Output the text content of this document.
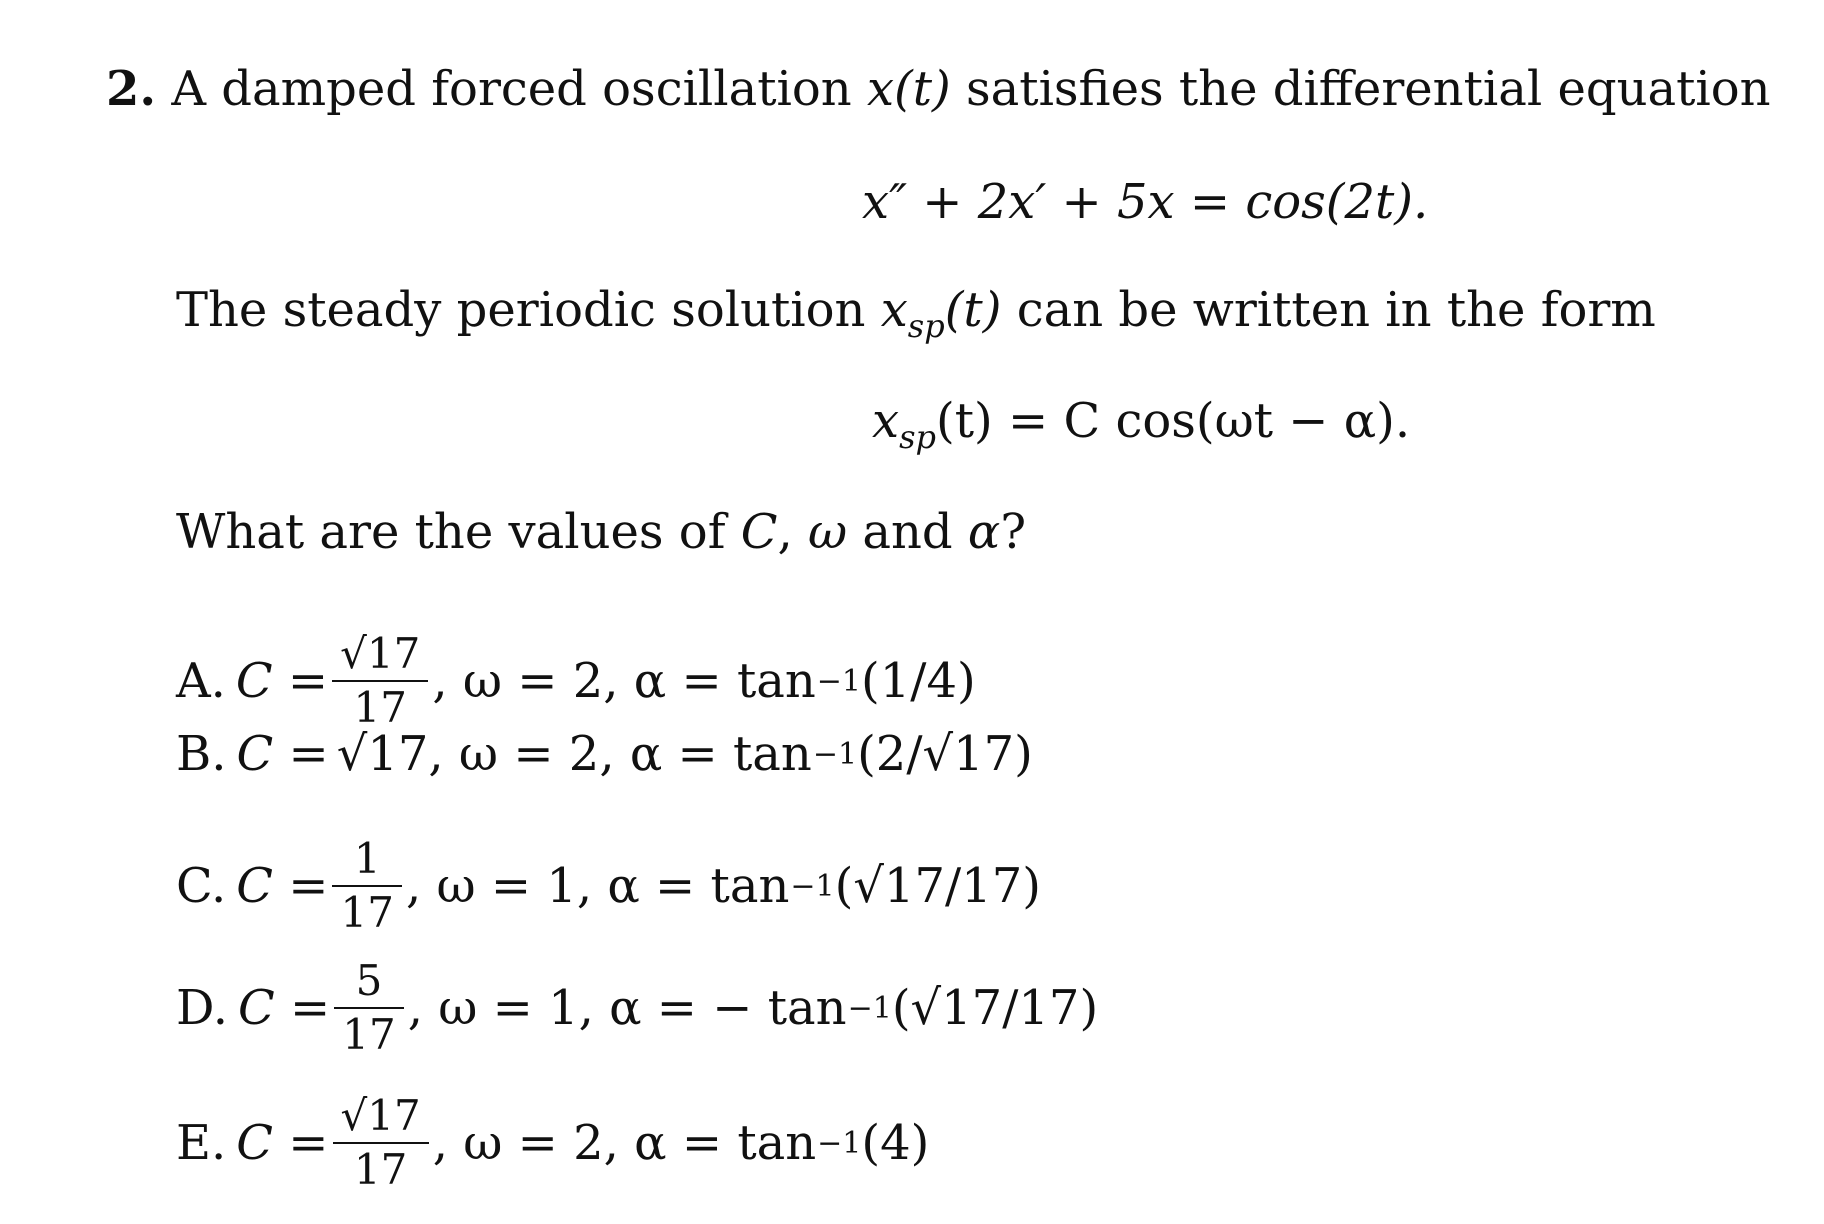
2. A damped forced oscillation x(t) satisfies the differential equation
x″ + 2x′ + 5x = cos(2t).
The steady periodic solution $x_{sp}(t)$ can be written in the form
$x_{sp}(t) = C$ cos(ωt − α).
What are the values of C, ω and α?
A. $C = \frac{√17}{17}$ , ω = 2, α = tan −1 (1/4)
B. C = √17 , ω = 2, α = tan −1 (2/√17)
C. $C = \frac{1}{17}$ , ω = 1, α = tan −1 (√17/17)
D. $C = \frac{5}{17}$ , ω = 1, α = − tan −1 (√17/17)
E. $C = \frac{√17}{17}$ , ω = 2, α = tan −1 (4)
